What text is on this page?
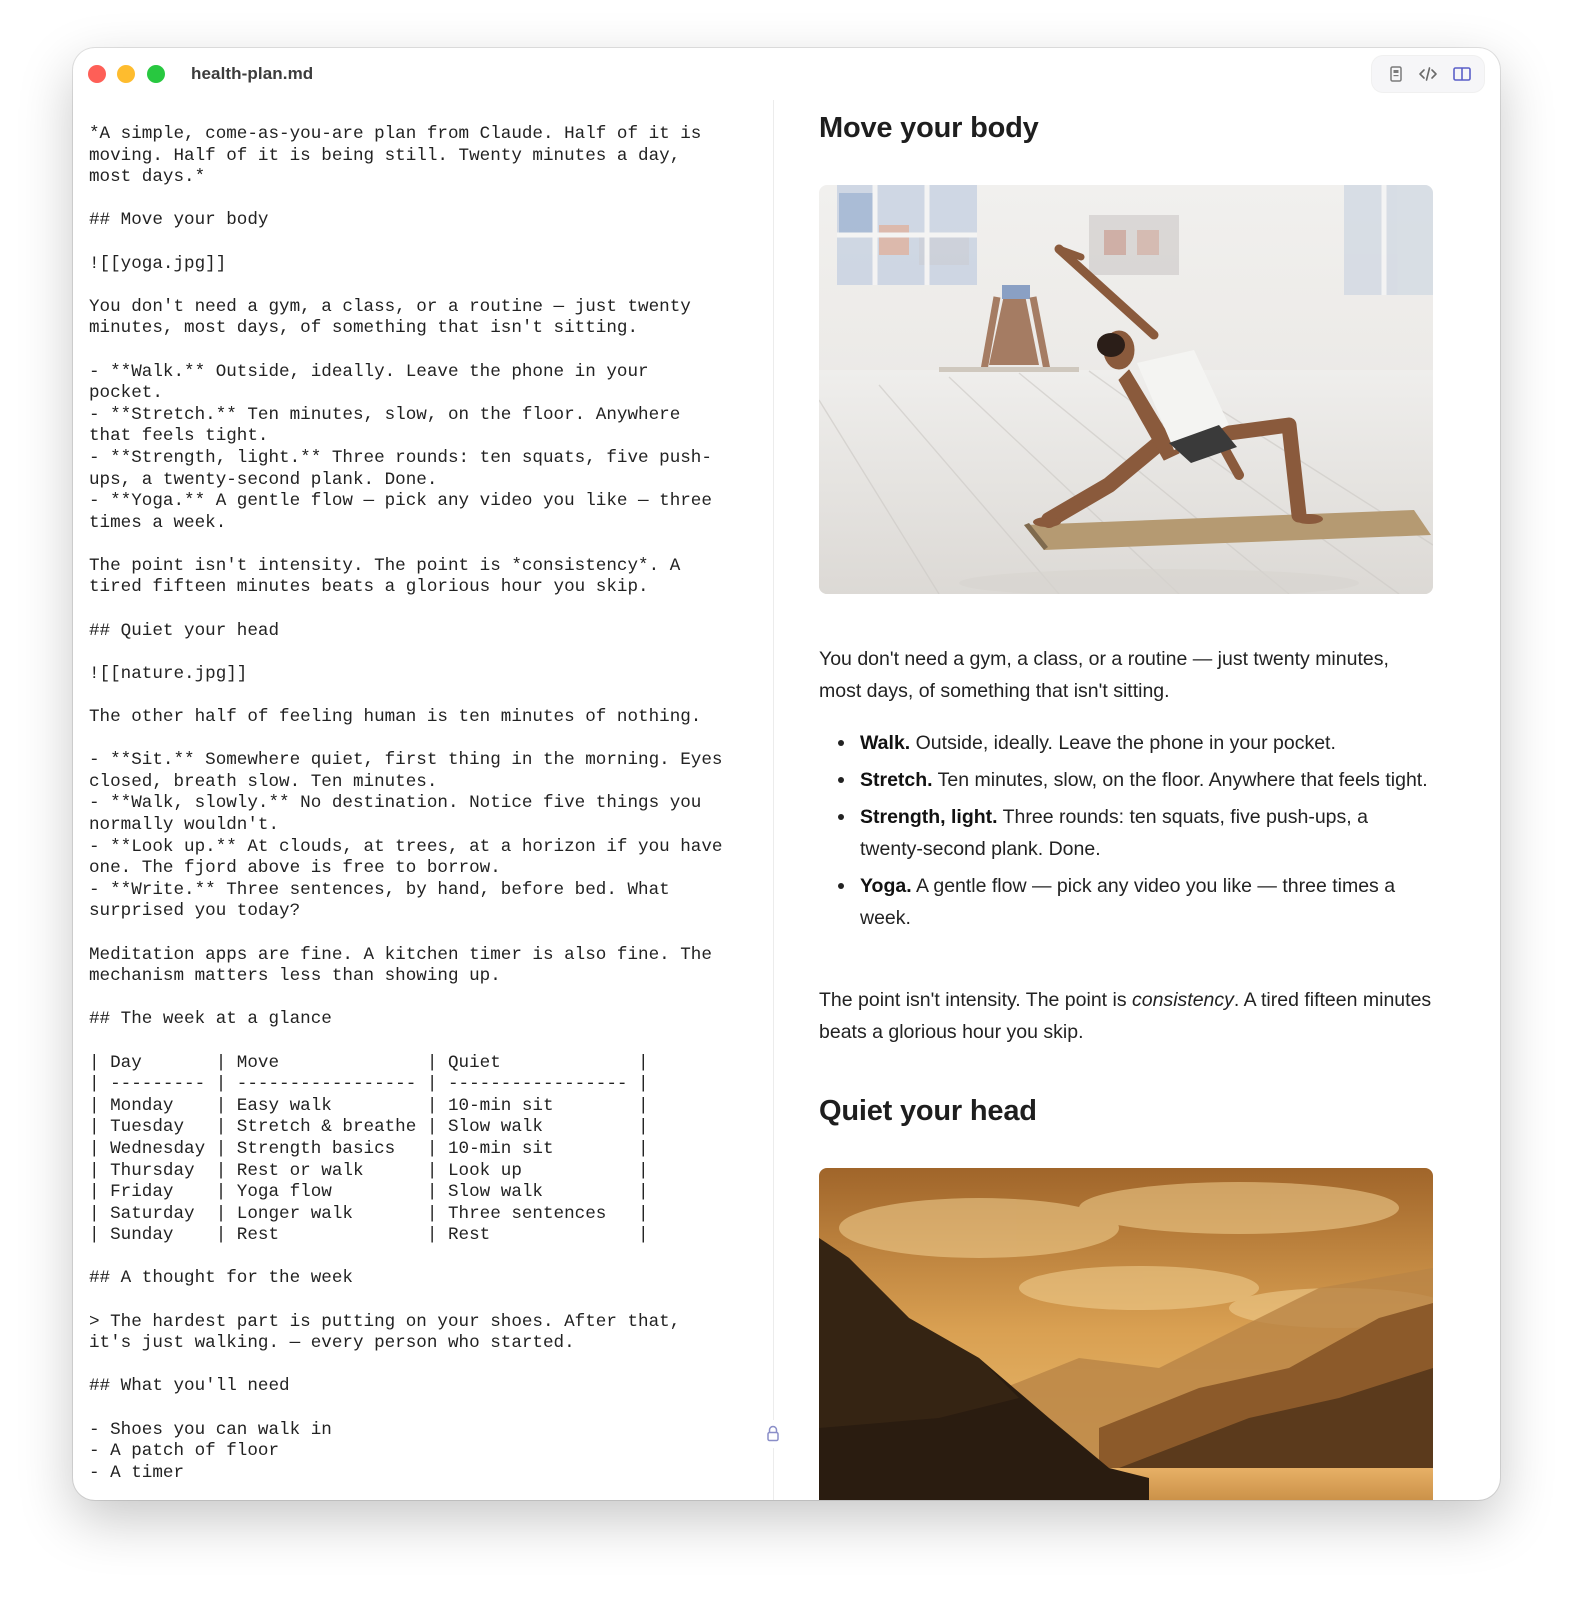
health-plan.md
*A simple, come-as-you-are plan from Claude. Half of it is
moving. Half of it is being still. Twenty minutes a day,
most days.*

## Move your body

![[yoga.jpg]]

You don't need a gym, a class, or a routine — just twenty
minutes, most days, of something that isn't sitting.

- **Walk.** Outside, ideally. Leave the phone in your
pocket.
- **Stretch.** Ten minutes, slow, on the floor. Anywhere
that feels tight.
- **Strength, light.** Three rounds: ten squats, five push-
ups, a twenty-second plank. Done.
- **Yoga.** A gentle flow — pick any video you like — three
times a week.

The point isn't intensity. The point is *consistency*. A
tired fifteen minutes beats a glorious hour you skip.

## Quiet your head

![[nature.jpg]]

The other half of feeling human is ten minutes of nothing.

- **Sit.** Somewhere quiet, first thing in the morning. Eyes
closed, breath slow. Ten minutes.
- **Walk, slowly.** No destination. Notice five things you
normally wouldn't.
- **Look up.** At clouds, at trees, at a horizon if you have
one. The fjord above is free to borrow.
- **Write.** Three sentences, by hand, before bed. What
surprised you today?

Meditation apps are fine. A kitchen timer is also fine. The
mechanism matters less than showing up.

## The week at a glance

| Day       | Move              | Quiet             |
| --------- | ----------------- | ----------------- |
| Monday    | Easy walk         | 10-min sit        |
| Tuesday   | Stretch & breathe | Slow walk         |
| Wednesday | Strength basics   | 10-min sit        |
| Thursday  | Rest or walk      | Look up           |
| Friday    | Yoga flow         | Slow walk         |
| Saturday  | Longer walk       | Three sentences   |
| Sunday    | Rest              | Rest              |

## A thought for the week

> The hardest part is putting on your shoes. After that,
it's just walking. — every person who started.

## What you'll need

- Shoes you can walk in
- A patch of floor
- A timer
Move your body

You don't need a gym, a class, or a routine — just twenty minutes, most days, of something that isn't sitting.

Walk. Outside, ideally. Leave the phone in your pocket.
Stretch. Ten minutes, slow, on the floor. Anywhere that feels tight.
Strength, light. Three rounds: ten squats, five push-ups, a twenty-second plank. Done.
Yoga. A gentle flow — pick any video you like — three times a week.

The point isn't intensity. The point is consistency. A tired fifteen minutes beats a glorious hour you skip.

Quiet your head
